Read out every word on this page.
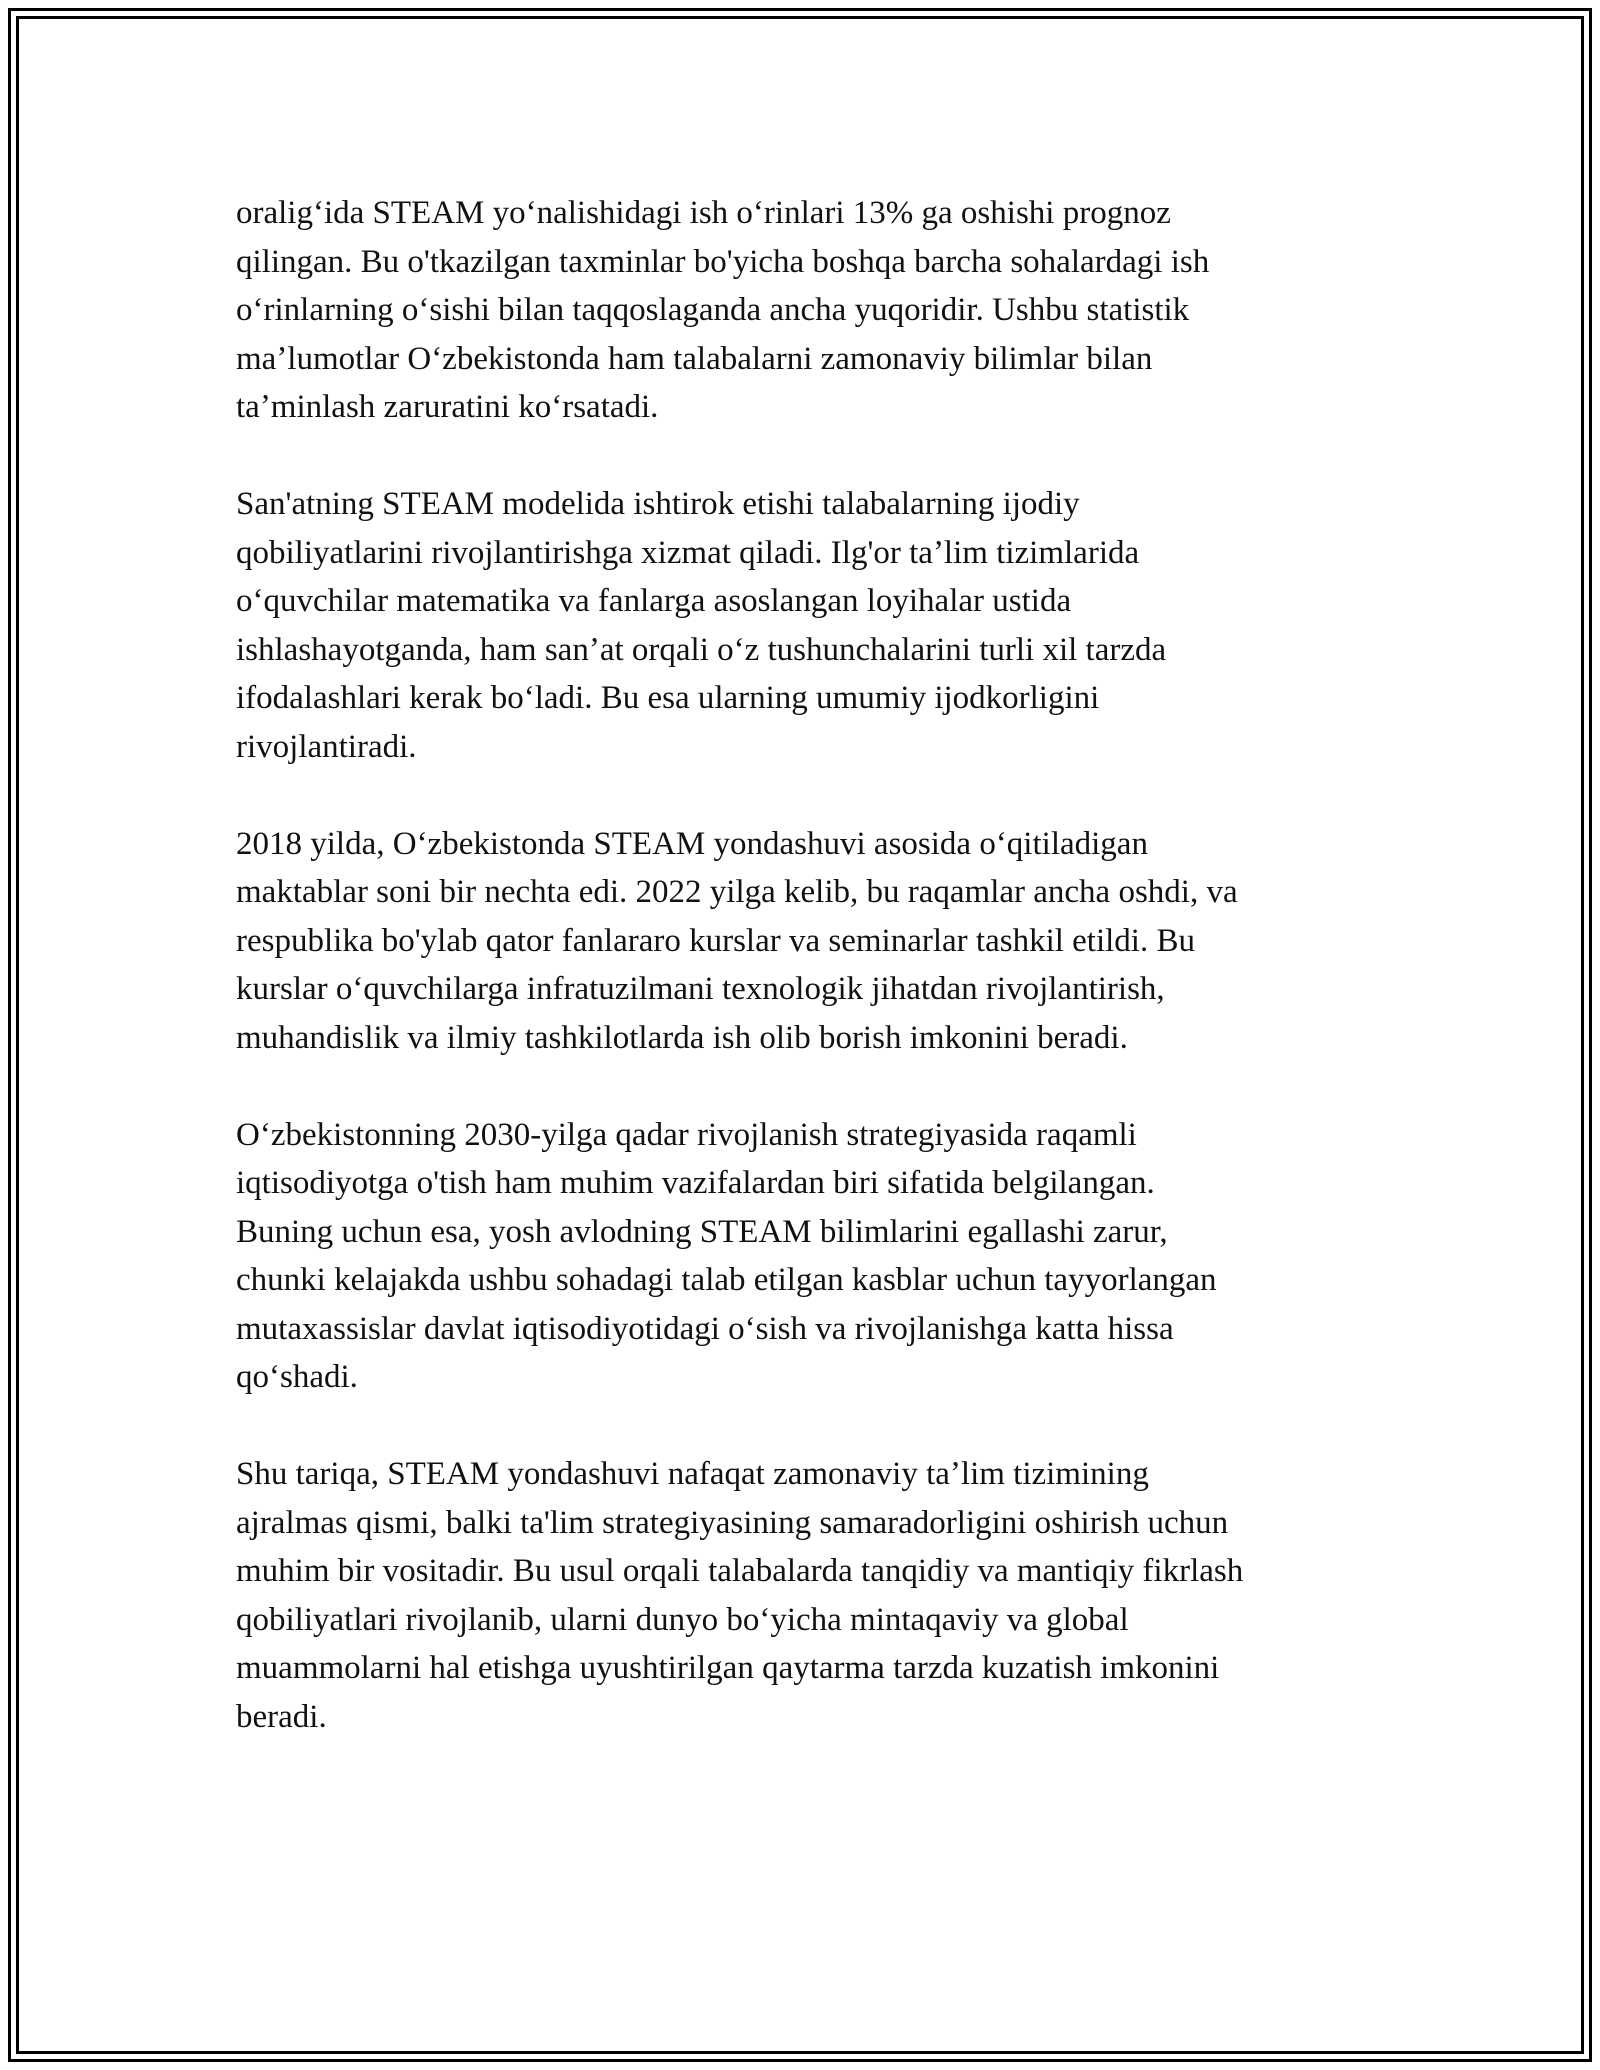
oraligʻida STEAM yoʻnalishidagi ish oʻrinlari 13% ga oshishi prognoz
qilingan. Bu o'tkazilgan taxminlar bo'yicha boshqa barcha sohalardagi ish
oʻrinlarning oʻsishi bilan taqqoslaganda ancha yuqoridir. Ushbu statistik
maʼlumotlar Oʻzbekistonda ham talabalarni zamonaviy bilimlar bilan
taʼminlash zaruratini koʻrsatadi.

San'atning STEAM modelida ishtirok etishi talabalarning ijodiy
qobiliyatlarini rivojlantirishga xizmat qiladi. Ilg'or taʼlim tizimlarida
oʻquvchilar matematika va fanlarga asoslangan loyihalar ustida
ishlashayotganda, ham sanʼat orqali oʻz tushunchalarini turli xil tarzda
ifodalashlari kerak boʻladi. Bu esa ularning umumiy ijodkorligini
rivojlantiradi.

2018 yilda, Oʻzbekistonda STEAM yondashuvi asosida oʻqitiladigan
maktablar soni bir nechta edi. 2022 yilga kelib, bu raqamlar ancha oshdi, va
respublika bo'ylab qator fanlararo kurslar va seminarlar tashkil etildi. Bu
kurslar oʻquvchilarga infratuzilmani texnologik jihatdan rivojlantirish,
muhandislik va ilmiy tashkilotlarda ish olib borish imkonini beradi.

Oʻzbekistonning 2030-yilga qadar rivojlanish strategiyasida raqamli
iqtisodiyotga o'tish ham muhim vazifalardan biri sifatida belgilangan.
Buning uchun esa, yosh avlodning STEAM bilimlarini egallashi zarur,
chunki kelajakda ushbu sohadagi talab etilgan kasblar uchun tayyorlangan
mutaxassislar davlat iqtisodiyotidagi oʻsish va rivojlanishga katta hissa
qoʻshadi.

Shu tariqa, STEAM yondashuvi nafaqat zamonaviy taʼlim tizimining
ajralmas qismi, balki ta'lim strategiyasining samaradorligini oshirish uchun
muhim bir vositadir. Bu usul orqali talabalarda tanqidiy va mantiqiy fikrlash
qobiliyatlari rivojlanib, ularni dunyo boʻyicha mintaqaviy va global
muammolarni hal etishga uyushtirilgan qaytarma tarzda kuzatish imkonini
beradi.
